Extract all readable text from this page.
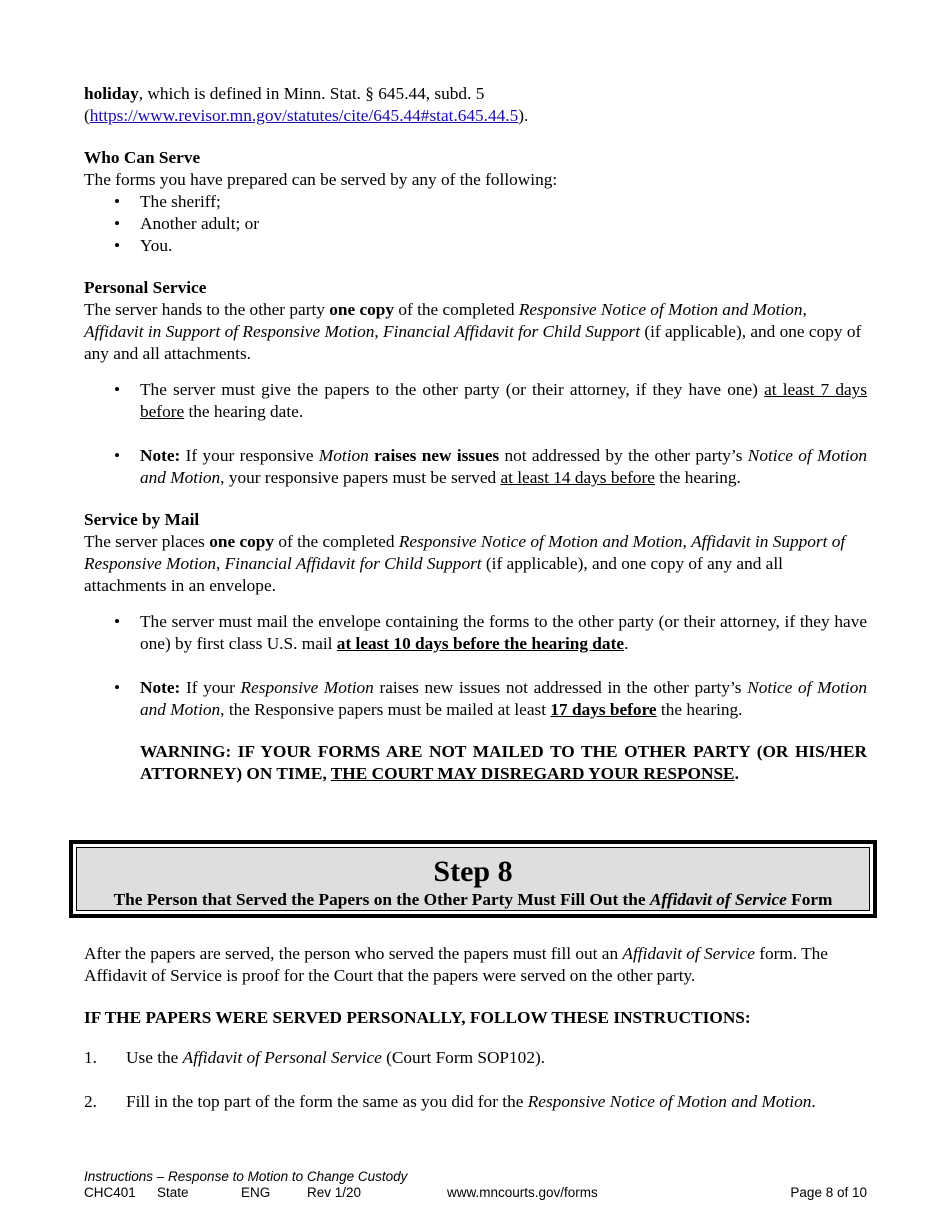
holiday, which is defined in Minn. Stat. § 645.44, subd. 5
(https://www.revisor.mn.gov/statutes/cite/645.44#stat.645.44.5).

Who Can Serve

The forms you have prepared can be served by any of the following:

• The sheriff;
• Another adult; or
• You.

Personal Service

The server hands to the other party one copy of the completed Responsive Notice of Motion and Motion, Affidavit in Support of Responsive Motion, Financial Affidavit for Child Support (if applicable), and one copy of any and all attachments.

• The server must give the papers to the other party (or their attorney, if they have one) at least 7 days before the hearing date.
• Note: If your responsive Motion raises new issues not addressed by the other party’s Notice of Motion and Motion, your responsive papers must be served at least 14 days before the hearing.

Service by Mail

The server places one copy of the completed Responsive Notice of Motion and Motion, Affidavit in Support of Responsive Motion, Financial Affidavit for Child Support (if applicable), and one copy of any and all attachments in an envelope.

• The server must mail the envelope containing the forms to the other party (or their attorney, if they have one) by first class U.S. mail at least 10 days before the hearing date.
• Note: If your Responsive Motion raises new issues not addressed in the other party’s Notice of Motion and Motion, the Responsive papers must be mailed at least 17 days before the hearing.

WARNING: IF YOUR FORMS ARE NOT MAILED TO THE OTHER PARTY (OR HIS/HER ATTORNEY) ON TIME, THE COURT MAY DISREGARD YOUR RESPONSE.

Step 8
The Person that Served the Papers on the Other Party Must Fill Out the Affidavit of Service Form

After the papers are served, the person who served the papers must fill out an Affidavit of Service form. The Affidavit of Service is proof for the Court that the papers were served on the other party.

IF THE PAPERS WERE SERVED PERSONALLY, FOLLOW THESE INSTRUCTIONS:

1. Use the Affidavit of Personal Service (Court Form SOP102).
2. Fill in the top part of the form the same as you did for the Responsive Notice of Motion and Motion.
Instructions – Response to Motion to Change Custody
CHC401 State	ENG	Rev 1/20	www.mncourts.gov/forms	Page 8 of 10
